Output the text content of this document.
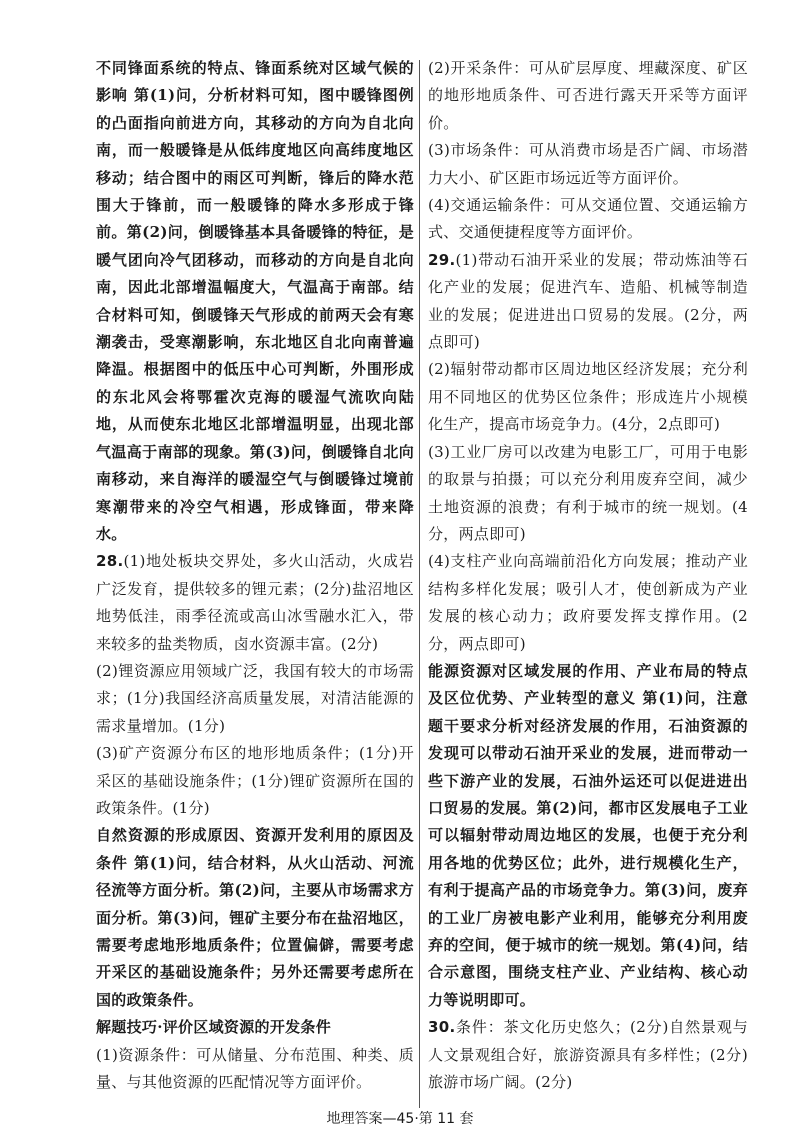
不同锋面系统的特点、锋面系统对区域气候的影响 第(1)问，分析材料可知，图中暖锋图例的凸面指向前进方向，其移动的方向为自北向南，而一般暖锋是从低纬度地区向高纬度地区移动；结合图中的雨区可判断，锋后的降水范围大于锋前，而一般暖锋的降水多形成于锋前。第(2)问，倒暖锋基本具备暖锋的特征，是暖气团向冷气团移动，而移动的方向是自北向南，因此北部增温幅度大，气温高于南部。结合材料可知，倒暖锋天气形成的前两天会有寒潮袭击，受寒潮影响，东北地区自北向南普遍降温。根据图中的低压中心可判断，外围形成的东北风会将鄂霍次克海的暖湿气流吹向陆地，从而使东北地区北部增温明显，出现北部气温高于南部的现象。第(3)问，倒暖锋自北向南移动，来自海洋的暖湿空气与倒暖锋过境前寒潮带来的冷空气相遇，形成锋面，带来降水。

28.(1)地处板块交界处，多火山活动，火成岩广泛发育，提供较多的锂元素；(2分)盐沼地区地势低洼，雨季径流或高山冰雪融水汇入，带来较多的盐类物质，卤水资源丰富。(2分)

(2)锂资源应用领域广泛，我国有较大的市场需求；(1分)我国经济高质量发展，对清洁能源的需求量增加。(1分)

(3)矿产资源分布区的地形地质条件；(1分)开采区的基础设施条件；(1分)锂矿资源所在国的政策条件。(1分)

自然资源的形成原因、资源开发利用的原因及条件 第(1)问，结合材料，从火山活动、河流径流等方面分析。第(2)问，主要从市场需求方面分析。第(3)问，锂矿主要分布在盐沼地区，需要考虑地形地质条件；位置偏僻，需要考虑开采区的基础设施条件；另外还需要考虑所在国的政策条件。

解题技巧·评价区域资源的开发条件

(1)资源条件：可从储量、分布范围、种类、质量、与其他资源的匹配情况等方面评价。

(2)开采条件：可从矿层厚度、埋藏深度、矿区的地形地质条件、可否进行露天开采等方面评价。

(3)市场条件：可从消费市场是否广阔、市场潜力大小、矿区距市场远近等方面评价。

(4)交通运输条件：可从交通位置、交通运输方式、交通便捷程度等方面评价。

29.(1)带动石油开采业的发展；带动炼油等石化产业的发展；促进汽车、造船、机械等制造业的发展；促进进出口贸易的发展。(2分，两点即可)

(2)辐射带动都市区周边地区经济发展；充分利用不同地区的优势区位条件；形成连片小规模化生产，提高市场竞争力。(4分，2点即可)

(3)工业厂房可以改建为电影工厂，可用于电影的取景与拍摄；可以充分利用废弃空间，减少土地资源的浪费；有利于城市的统一规划。(4分，两点即可)

(4)支柱产业向高端前沿化方向发展；推动产业结构多样化发展；吸引人才，使创新成为产业发展的核心动力；政府要发挥支撑作用。(2分，两点即可)

能源资源对区域发展的作用、产业布局的特点及区位优势、产业转型的意义 第(1)问，注意题干要求分析对经济发展的作用，石油资源的发现可以带动石油开采业的发展，进而带动一些下游产业的发展，石油外运还可以促进进出口贸易的发展。第(2)问，都市区发展电子工业可以辐射带动周边地区的发展，也便于充分利用各地的优势区位；此外，进行规模化生产，有利于提高产品的市场竞争力。第(3)问，废弃的工业厂房被电影产业利用，能够充分利用废弃的空间，便于城市的统一规划。第(4)问，结合示意图，围绕支柱产业、产业结构、核心动力等说明即可。

30.条件：茶文化历史悠久；(2分)自然景观与人文景观组合好，旅游资源具有多样性；(2分)旅游市场广阔。(2分)

地理答案—45·第 11 套
